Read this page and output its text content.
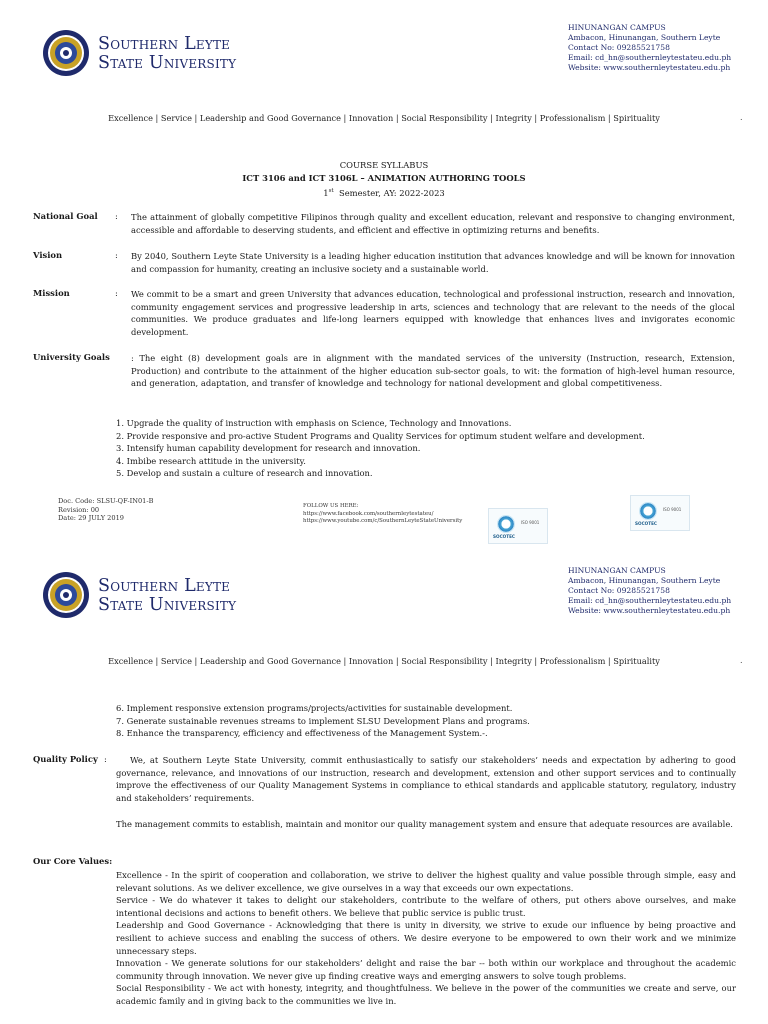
Southern Leyte
State University
HINUNANGAN CAMPUS
Ambacon, Hinunangan, Southern Leyte
Contact No: 09285521758
Email: cd_hn@southernleytestateu.edu.ph
Website: www.southernleytestateu.edu.ph
Excellence | Service | Leadership and Good Governance | Innovation | Social Responsibility | Integrity | Professionalism | Spirituality	.
COURSE SYLLABUS
ICT 3106 and ICT 3106L – ANIMATION AUTHORING TOOLS
1st Semester, AY: 2022-2023
National Goal : The attainment of globally competitive Filipinos through quality and excellent education, relevant and responsive to changing environment, accessible and affordable to deserving students, and efficient and effective in optimizing returns and benefits.
Vision	: By 2040, Southern Leyte State University is a leading higher education institution that advances knowledge and will be known for innovation and compassion for humanity, creating an inclusive society and a sustainable world.
Mission	: We commit to be a smart and green University that advances education, technological and professional instruction, research and innovation, community engagement services and progressive leadership in arts, sciences and technology that are relevant to the needs of the glocal communities. We produce graduates and life-long learners equipped with knowledge that enhances lives and invigorates economic development.
University Goals	: The eight (8) development goals are in alignment with the mandated services of the university (Instruction, research, Extension, Production) and contribute to the attainment of the higher education sub-sector goals, to wit: the formation of high-level human resource, and generation, adaptation, and transfer of knowledge and technology for national development and global competitiveness.
1. Upgrade the quality of instruction with emphasis on Science, Technology and Innovations.
2. Provide responsive and pro-active Student Programs and Quality Services for optimum student welfare and development.
3. Intensify human capability development for research and innovation.
4. Imbibe research attitude in the university.
5. Develop and sustain a culture of research and innovation.
Doc. Code: SLSU-QF-IN01-B
Revision: 00
Date: 29 JULY 2019
FOLLOW US HERE:
https://www.facebook.com/southernleytestateu/
https://www.youtube.com/c/SouthernLeyteStateUniversity	ISO 9001
SOCOTEC
ISO 9001
SOCOTEC
Southern Leyte
State University
HINUNANGAN CAMPUS
Ambacon, Hinunangan, Southern Leyte
Contact No: 09285521758
Email: cd_hn@southernleytestateu.edu.ph
Website: www.southernleytestateu.edu.ph
Excellence | Service | Leadership and Good Governance | Innovation | Social Responsibility | Integrity | Professionalism | Spirituality	.
6. Implement responsive extension programs/projects/activities for sustainable development.
7. Generate sustainable revenues streams to implement SLSU Development Plans and programs.
8. Enhance the transparency, efficiency and effectiveness of the Management System.-.
Quality Policy :	We, at Southern Leyte State University, commit enthusiastically to satisfy our stakeholders’ needs and expectation by adhering to good governance, relevance, and innovations of our instruction, research and development, extension and other support services and to continually improve the effectiveness of our Quality Management Systems in compliance to ethical standards and applicable statutory, regulatory, industry and stakeholders’ requirements.
The management commits to establish, maintain and monitor our quality management system and ensure that adequate resources are available.
Our Core Values:
Excellence - In the spirit of cooperation and collaboration, we strive to deliver the highest quality and value possible through simple, easy and relevant solutions. As we deliver excellence, we give ourselves in a way that exceeds our own expectations.
Service - We do whatever it takes to delight our stakeholders, contribute to the welfare of others, put others above ourselves, and make intentional decisions and actions to benefit others. We believe that public service is public trust.
Leadership and Good Governance - Acknowledging that there is unity in diversity, we strive to exude our influence by being proactive and resilient to achieve success and enabling the success of others. We desire everyone to be empowered to own their work and we minimize unnecessary steps.
Innovation - We generate solutions for our stakeholders’ delight and raise the bar -- both within our workplace and throughout the academic community through innovation. We never give up finding creative ways and emerging answers to solve tough problems.
Social Responsibility - We act with honesty, integrity, and thoughtfulness. We believe in the power of the communities we create and serve, our academic family and in giving back to the communities we live in.
